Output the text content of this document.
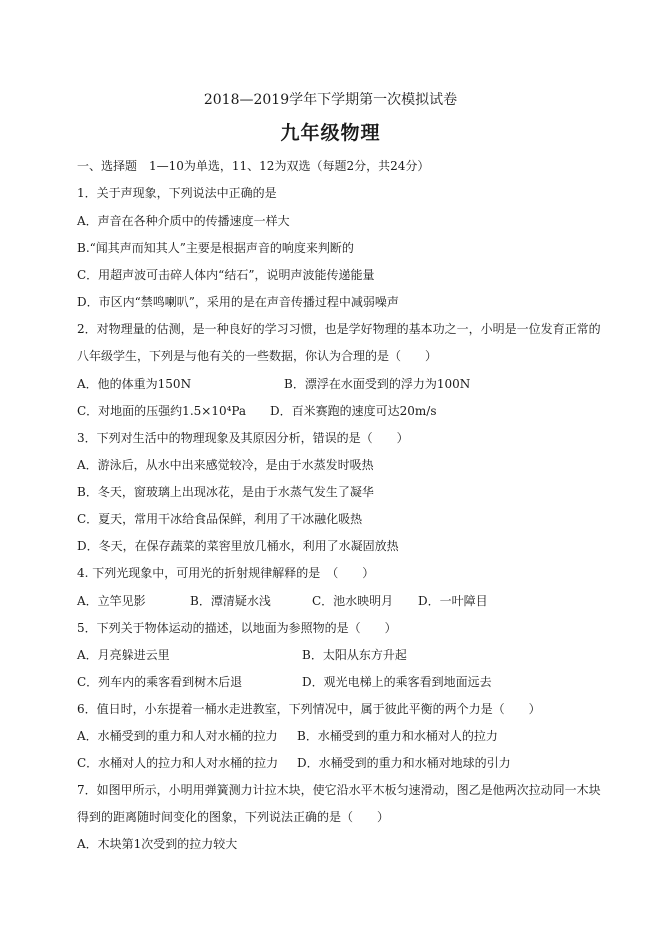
2018—2019学年下学期第一次模拟试卷
九年级物理
一、选择题　1—10为单选，11、12为双选（每题2分，共24分）
1．关于声现象，下列说法中正确的是
A．声音在各种介质中的传播速度一样大
B.“闻其声而知其人”主要是根据声音的响度来判断的
C．用超声波可击碎人体内“结石”，说明声波能传递能量
D．市区内“禁鸣喇叭”，采用的是在声音传播过程中减弱噪声
2．对物理量的估测，是一种良好的学习习惯，也是学好物理的基本功之一，小明是一位发育正常的
八年级学生，下列是与他有关的一些数据，你认为合理的是（　　）
A．他的体重为150N	B．漂浮在水面受到的浮力为100N
C．对地面的压强约1.5×10⁴Pa D．百米赛跑的速度可达20m/s
3．下列对生活中的物理现象及其原因分析，错误的是（　　）
A．游泳后，从水中出来感觉较冷，是由于水蒸发时吸热
B．冬天，窗玻璃上出现冰花，是由于水蒸气发生了凝华
C．夏天，常用干冰给食品保鲜，利用了干冰融化吸热
D．冬天，在保存蔬菜的菜窖里放几桶水，利用了水凝固放热
4. 下列光现象中，可用光的折射规律解释的是　（　　）
A．立竿见影	B．潭清疑水浅	C．池水映明月 D．一叶障目
5．下列关于物体运动的描述，以地面为参照物的是（　　）
A．月亮躲进云里	B．太阳从东方升起
C．列车内的乘客看到树木后退	D．观光电梯上的乘客看到地面远去
6．值日时，小东提着一桶水走进教室，下列情况中，属于彼此平衡的两个力是（　　）
A．水桶受到的重力和人对水桶的拉力 B．水桶受到的重力和水桶对人的拉力
C．水桶对人的拉力和人对水桶的拉力 D．水桶受到的重力和水桶对地球的引力
7．如图甲所示，小明用弹簧测力计拉木块，使它沿水平木板匀速滑动，图乙是他两次拉动同一木块
得到的距离随时间变化的图象，下列说法正确的是（　　）
A．木块第1次受到的拉力较大
